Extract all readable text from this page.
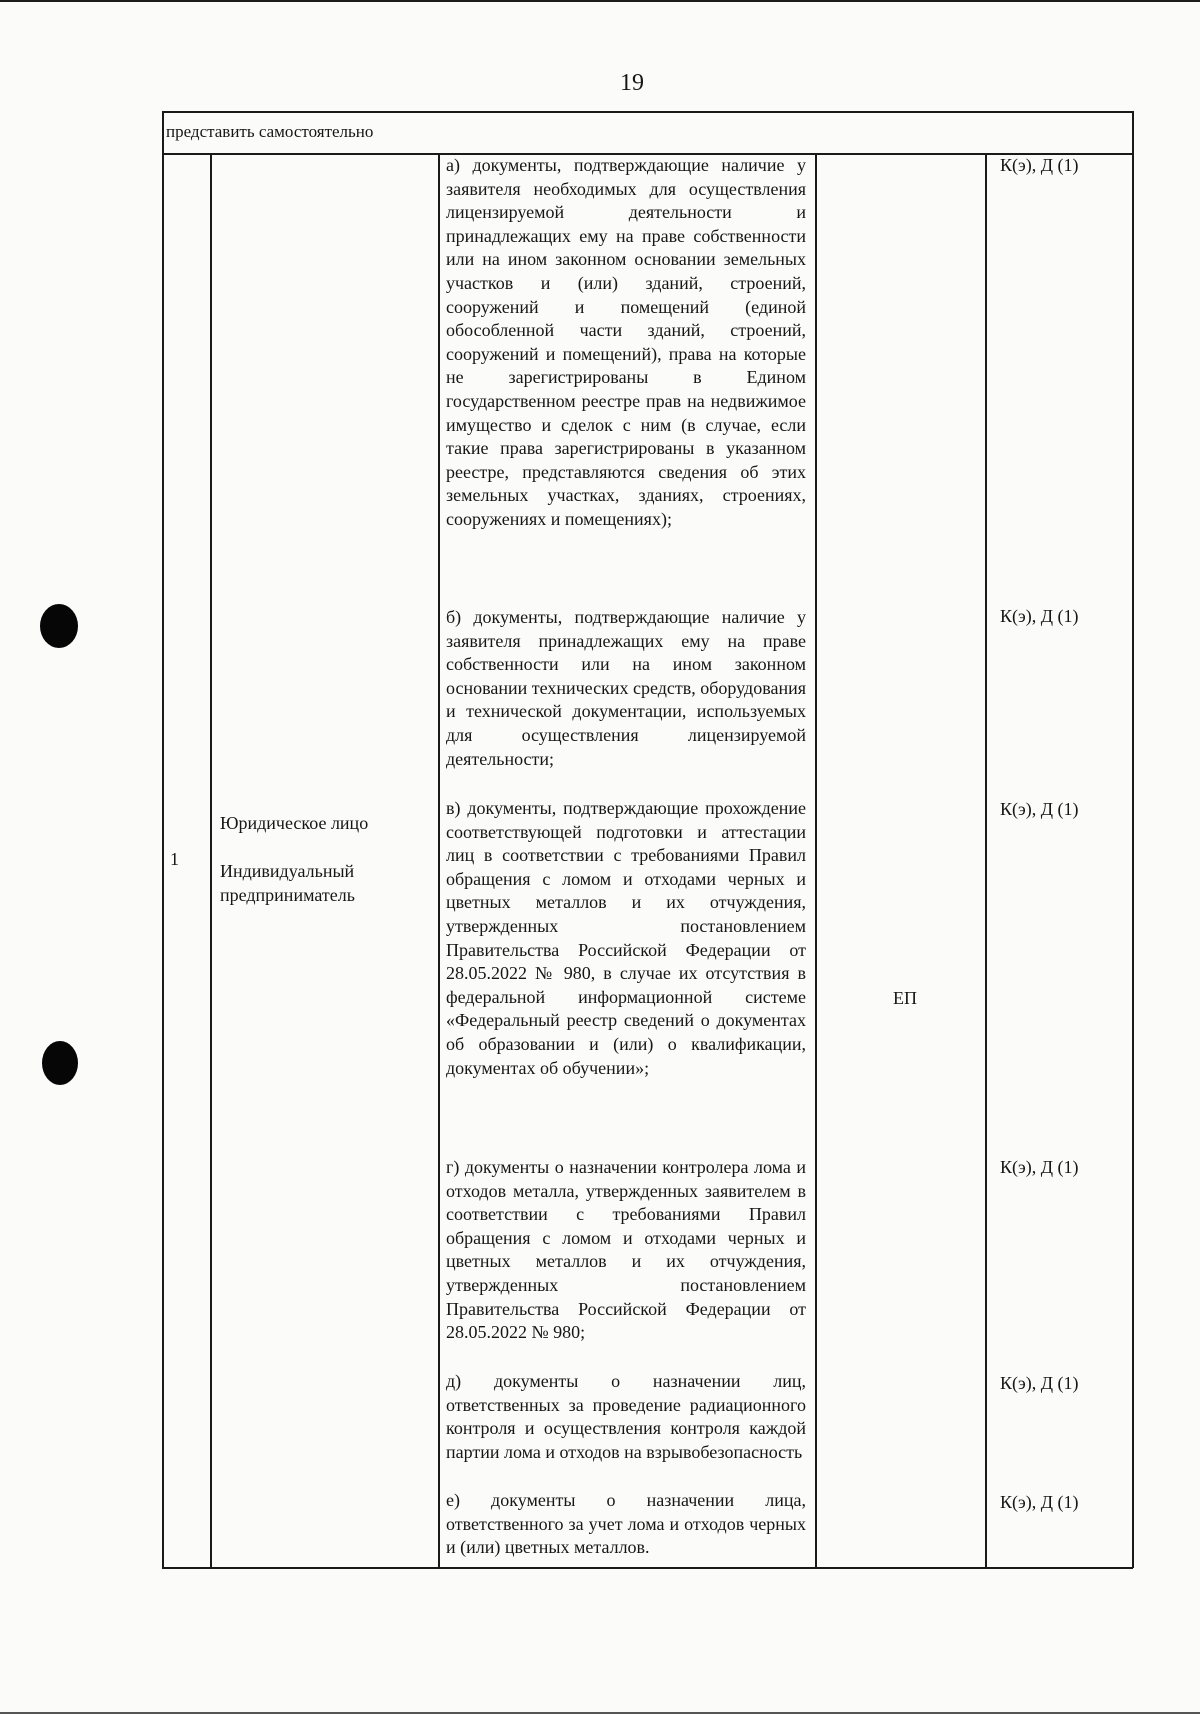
19
представить самостоятельно
1
Юридическое лицо
Индивидуальный предприниматель
ЕП
а) документы, подтверждающие наличие у заявителя необходимых для осуществления лицензируемой деятельности и принадлежащих ему на праве собственности или на ином законном основании земельных участков и (или) зданий, строений, сооружений и помещений (единой обособленной части зданий, строений, сооружений и помещений), права на которые не зарегистрированы в Едином государственном реестре прав на недвижимое имущество и сделок с ним (в случае, если такие права зарегистрированы в указанном реестре, представляются сведения об этих земельных участках, зданиях, строениях, сооружениях и помещениях);
б) документы, подтверждающие наличие у заявителя принадлежащих ему на праве собственности или на ином законном основании технических средств, оборудования и технической документации, используемых для осуществления лицензируемой деятельности;
в) документы, подтверждающие прохождение соответствующей подготовки и аттестации лиц в соответствии с требованиями Правил обращения с ломом и отходами черных и цветных металлов и их отчуждения, утвержденных постановлением Правительства Российской Федерации от 28.05.2022 № 980, в случае их отсутствия в федеральной информационной системе «Федеральный реестр сведений о документах об образовании и (или) о квалификации, документах об обучении»;
г) документы о назначении контролера лома и отходов металла, утвержденных заявителем в соответствии с требованиями Правил обращения с ломом и отходами черных и цветных металлов и их отчуждения, утвержденных постановлением Правительства Российской Федерации от 28.05.2022 № 980;
д) документы о назначении лиц, ответственных за проведение радиационного контроля и осуществления контроля каждой партии лома и отходов на взрывобезопасность
е) документы о назначении лица, ответственного за учет лома и отходов черных и (или) цветных металлов.
К(э), Д (1)
К(э), Д (1)
К(э), Д (1)
К(э), Д (1)
К(э), Д (1)
К(э), Д (1)
